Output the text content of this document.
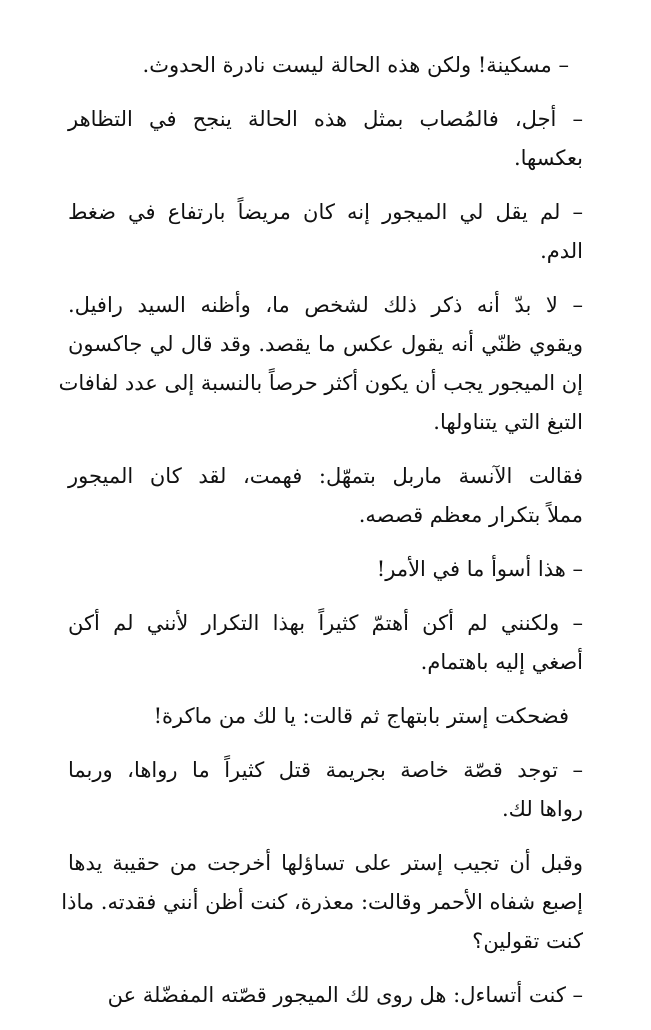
– مسكينة! ولكن هذه الحالة ليست نادرة الحدوث.

– أجل، فالمُصاب بمثل هذه الحالة ينجح في التظاهر
بعكسها.

– لم يقل لي الميجور إنه كان مريضاً بارتفاع في ضغط
الدم.

– لا بدّ أنه ذكر ذلك لشخص ما، وأظنه السيد رافيل.
ويقوي ظنّي أنه يقول عكس ما يقصد. وقد قال لي جاكسون
إن الميجور يجب أن يكون أكثر حرصاً بالنسبة إلى عدد لفافات
التبغ التي يتناولها.

فقالت الآنسة ماربل بتمهّل: فهمت، لقد كان الميجور
مملاً بتكرار معظم قصصه.

– هذا أسوأ ما في الأمر!

– ولكنني لم أكن أهتمّ كثيراً بهذا التكرار لأنني لم أكن
أصغي إليه باهتمام.

فضحكت إستر بابتهاج ثم قالت: يا لك من ماكرة!

– توجد قصّة خاصة بجريمة قتل كثيراً ما رواها، وربما
رواها لك.

وقبل أن تجيب إستر على تساؤلها أخرجت من حقيبة يدها
إصبع شفاه الأحمر وقالت: معذرة، كنت أظن أنني فقدته. ماذا
كنت تقولين؟

– كنت أتساءل: هل روى لك الميجور قصّته المفضّلة عن
